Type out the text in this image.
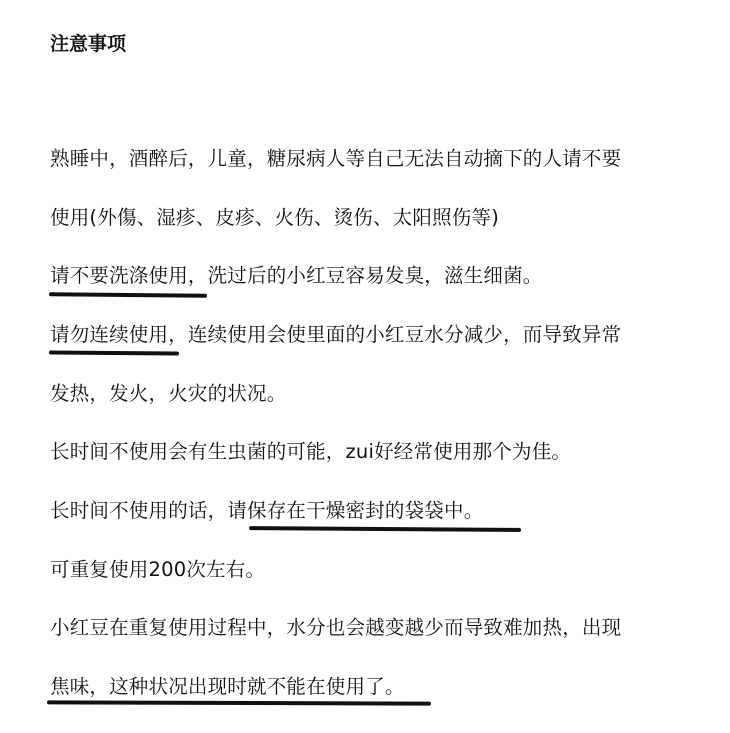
注意事项
熟睡中，酒醉后，儿童，糖尿病人等自己无法自动摘下的人请不要
使用(外傷、湿疹、皮疹、火伤、烫伤、太阳照伤等)
请不要洗涤使用，洗过后的小红豆容易发臭，滋生细菌。
请勿连续使用，连续使用会使里面的小红豆水分减少，而导致异常
发热，发火，火灾的状况。
长时间不使用会有生虫菌的可能，zui好经常使用那个为佳。
长时间不使用的话，请保存在干燥密封的袋袋中。
可重复使用200次左右。
小红豆在重复使用过程中，水分也会越变越少而导致难加热，出现
焦味，这种状况出现时就不能在使用了。
